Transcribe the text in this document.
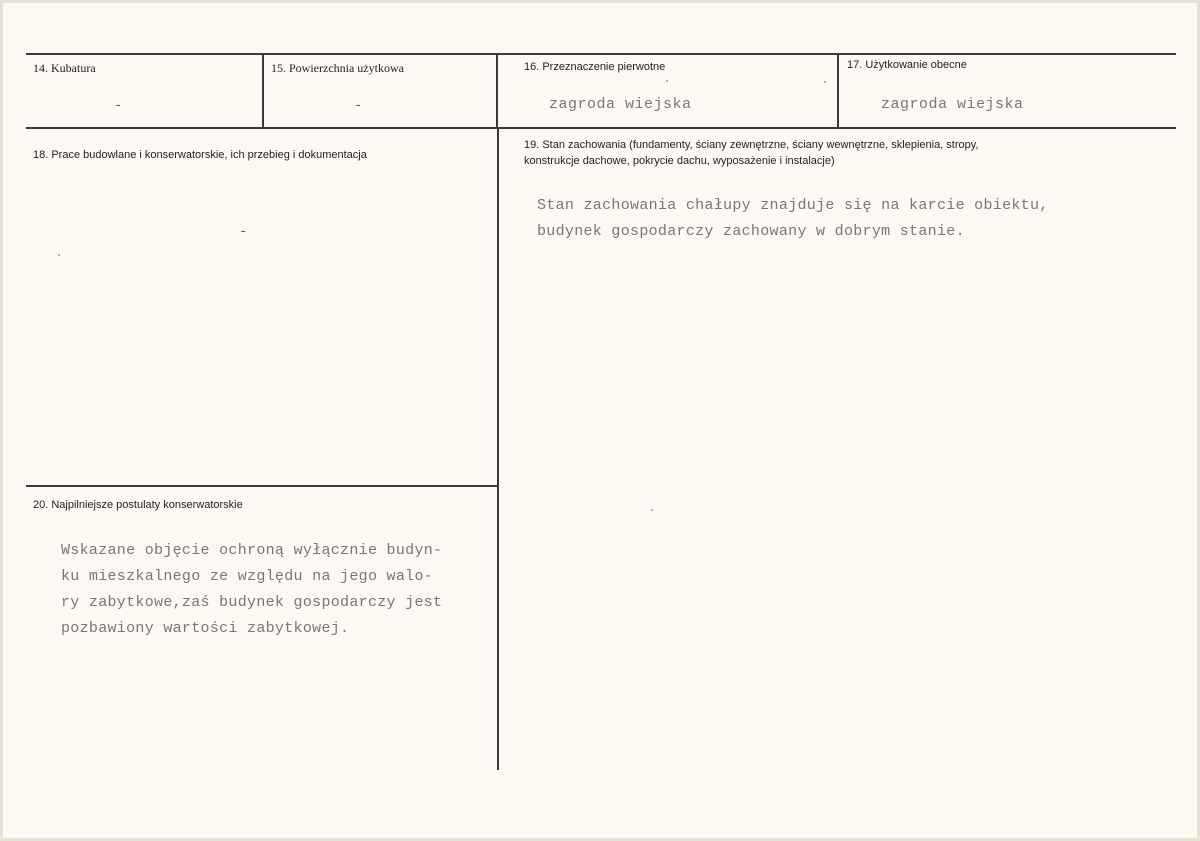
14. Kubatura
-
15. Powierzchnia użytkowa
-
16. Przeznaczenie pierwotne
zagroda wiejska
17. Użytkowanie obecne
zagroda wiejska
18. Prace budowlane i konserwatorskie, ich przebieg i dokumentacja
-
19. Stan zachowania (fundamenty, ściany zewnętrzne, ściany wewnętrzne, sklepienia, stropy,
konstrukcje dachowe, pokrycie dachu, wyposażenie i instalacje)
Stan zachowania chałupy znajduje się na karcie obiektu,
budynek gospodarczy zachowany w dobrym stanie.
20. Najpilniejsze postulaty konserwatorskie
Wskazane objęcie ochroną wyłącznie budyn-
ku mieszkalnego ze względu na jego walo-
ry zabytkowe,zaś budynek gospodarczy jest
pozbawiony wartości zabytkowej.
